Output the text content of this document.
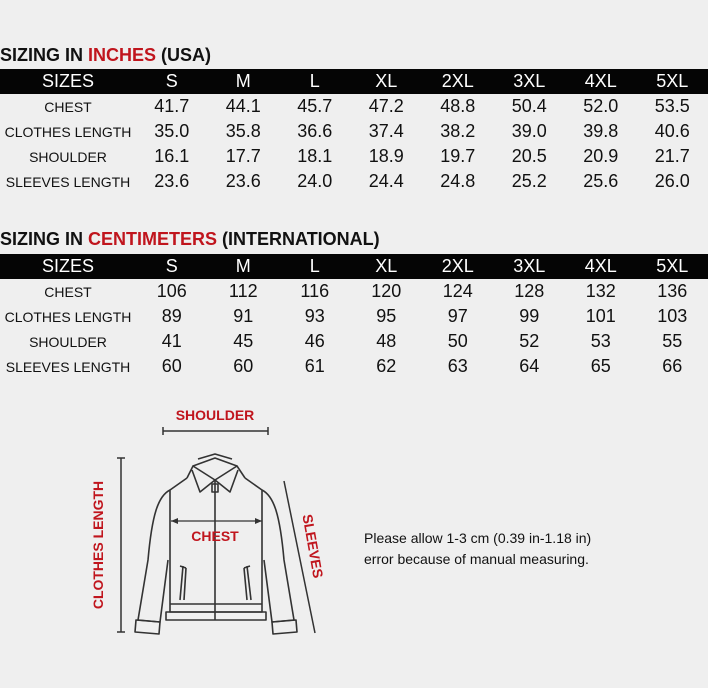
SIZING IN INCHES (USA)
SIZES	S	M	L	XL	2XL	3XL	4XL	5XL
CHEST	41.7	44.1	45.7	47.2	48.8	50.4	52.0	53.5
CLOTHES LENGTH	35.0	35.8	36.6	37.4	38.2	39.0	39.8	40.6
SHOULDER	16.1	17.7	18.1	18.9	19.7	20.5	20.9	21.7
SLEEVES LENGTH	23.6	23.6	24.0	24.4	24.8	25.2	25.6	26.0
SIZING IN CENTIMETERS (INTERNATIONAL)
SIZES	S	M	L	XL	2XL	3XL	4XL	5XL
CHEST	106	112	116	120	124	128	132	136
CLOTHES LENGTH	89	91	93	95	97	99	101	103
SHOULDER	41	45	46	48	50	52	53	55
SLEEVES LENGTH	60	60	61	62	63	64	65	66
SHOULDER
CLOTHES LENGTH	SLEEVES
CHEST	Please allow 1-3 cm (0.39 in-1.18 in)
error because of manual measuring.
